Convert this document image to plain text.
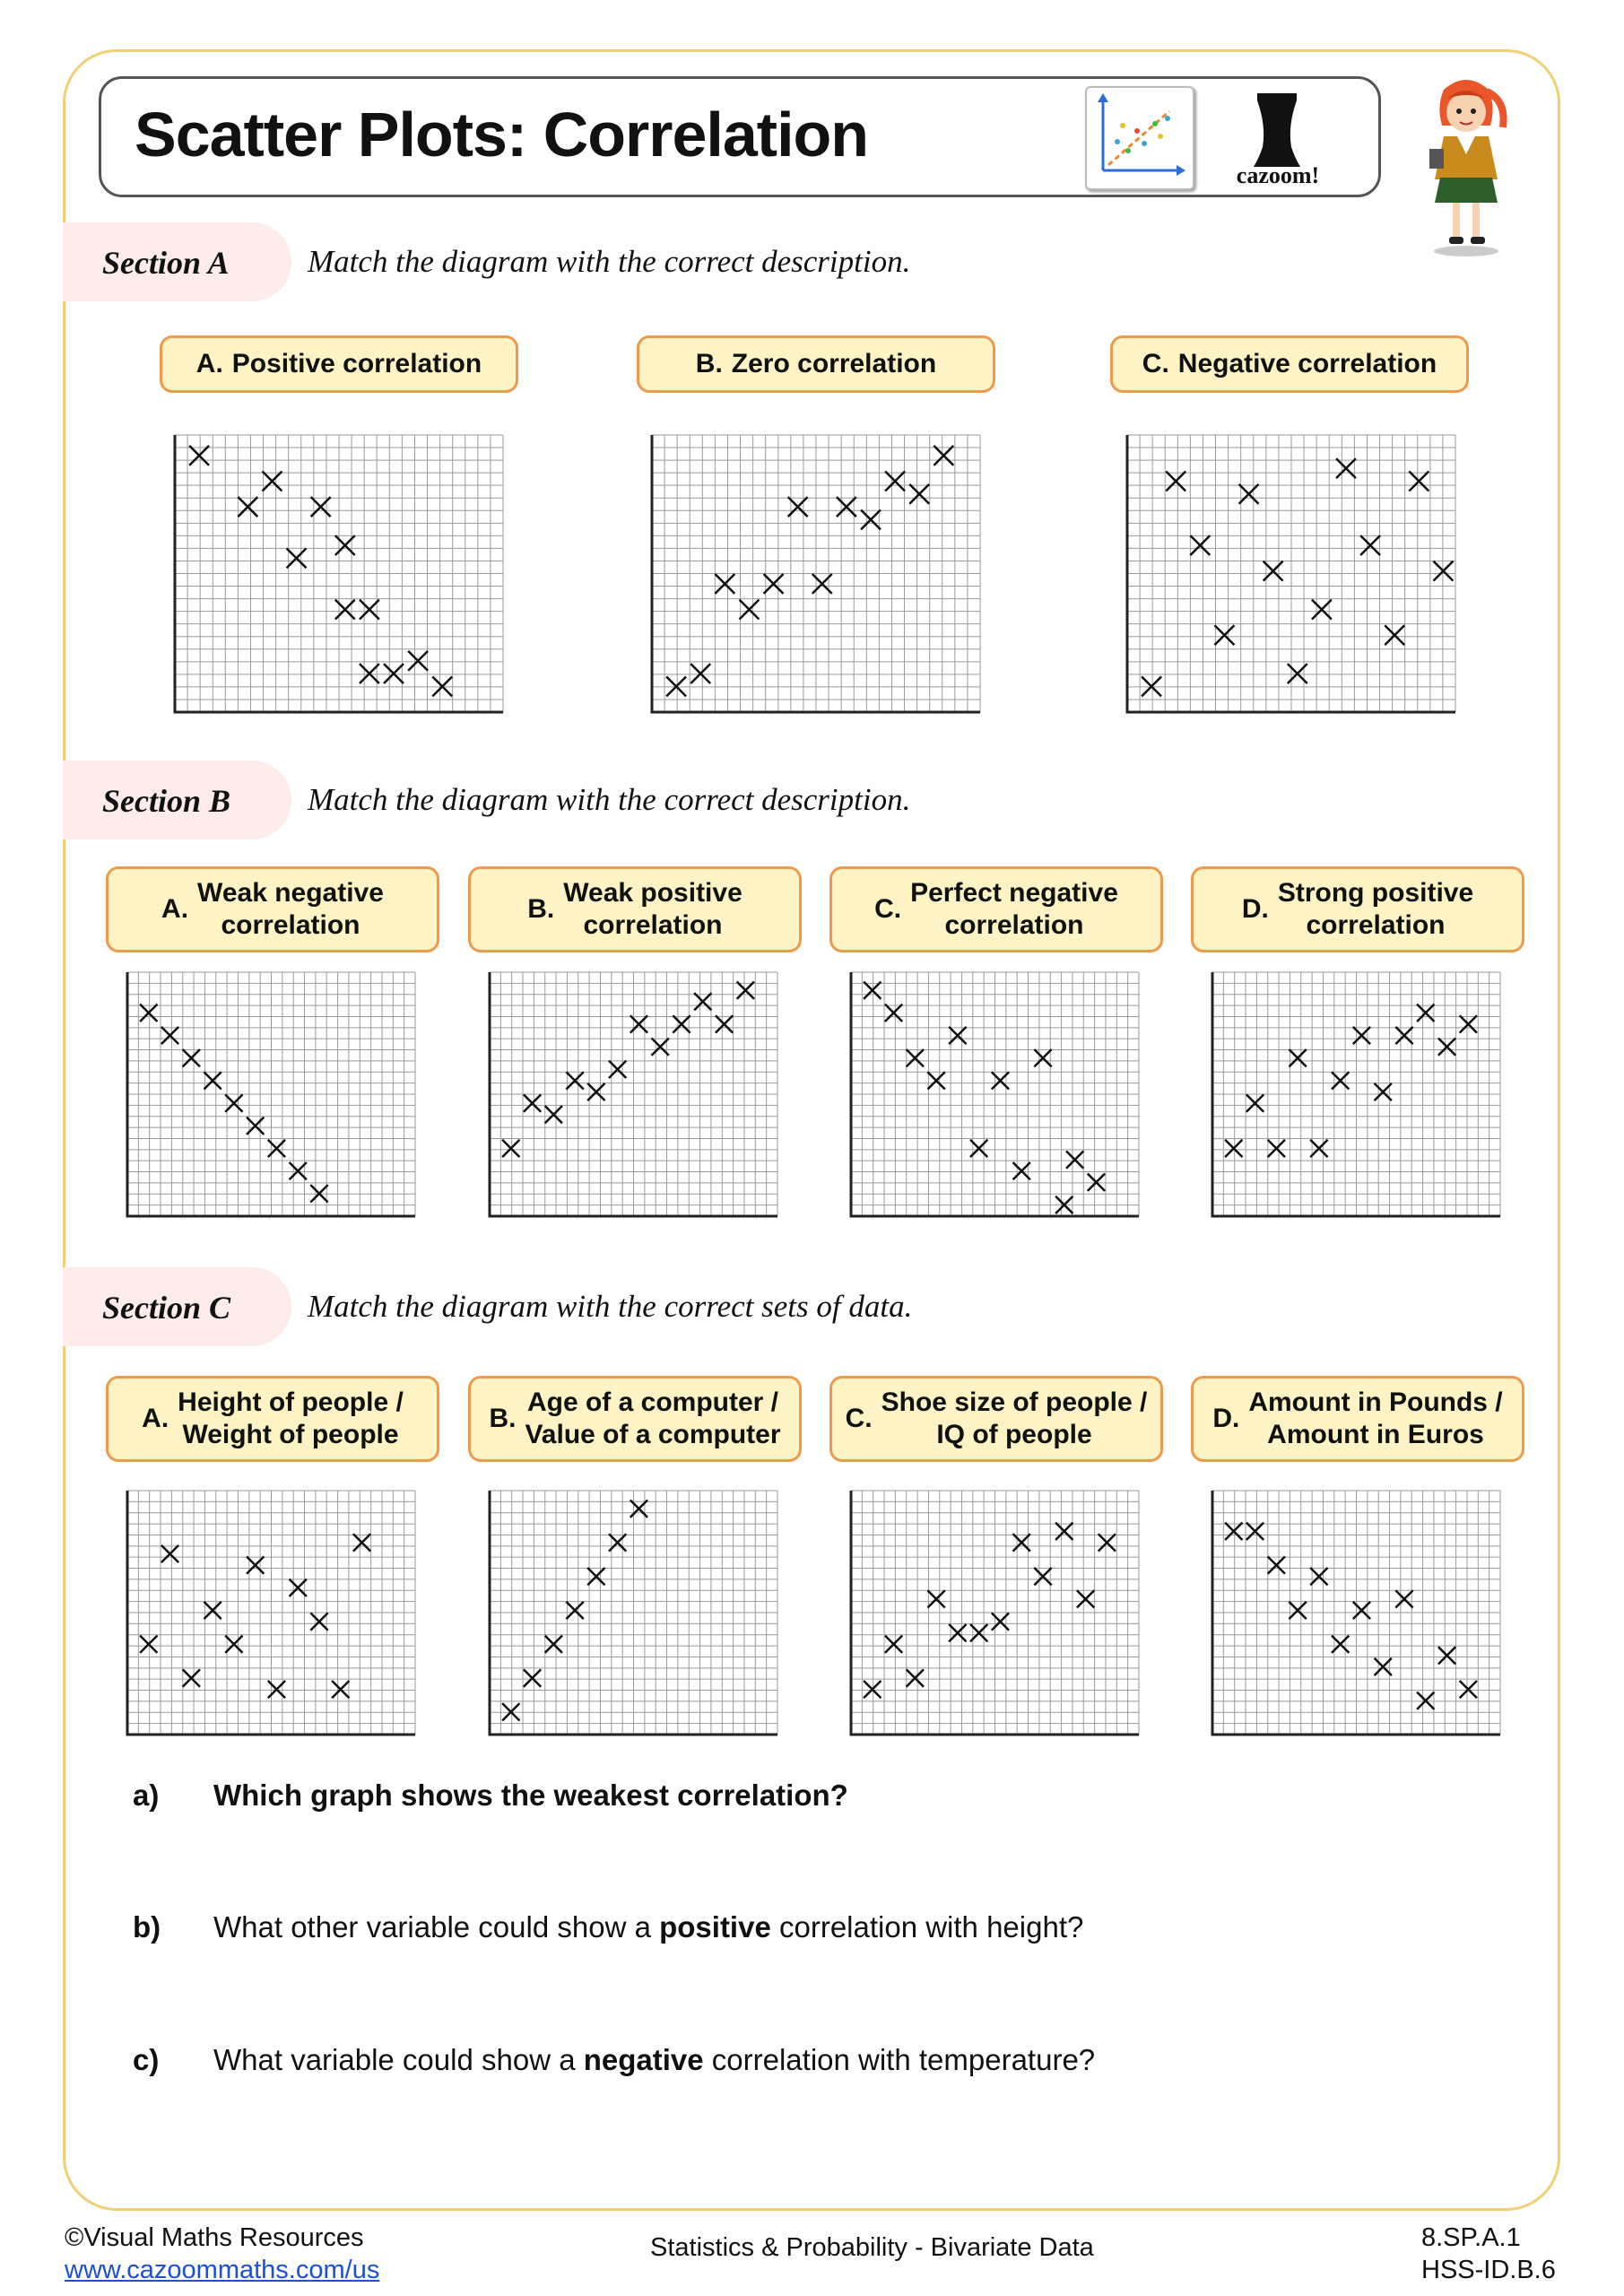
Scatter Plots: Correlation
cazoom!
Section A Match the diagram with the correct description.
A. Positive correlation	B. Zero correlation	C. Negative correlation
Section B Match the diagram with the correct description.
A.
Weak negative
correlation
B.
Weak positive
correlation
C.
Perfect negative
correlation
D.
Strong positive
correlation
Section C Match the diagram with the correct sets of data.
A.
Height of people /
Weight of people
B.
Age of a computer /
Value of a computer
C.
Shoe size of people /
IQ of people
D.
Amount in Pounds /
Amount in Euros
a) Which graph shows the weakest correlation?
b) What other variable could show a positive correlation with height?
c) What variable could show a negative correlation with temperature?
©Visual Maths Resources
www.cazoommaths.com/us
Statistics & Probability - Bivariate Data	8.SP.A.1
HSS-ID.B.6
